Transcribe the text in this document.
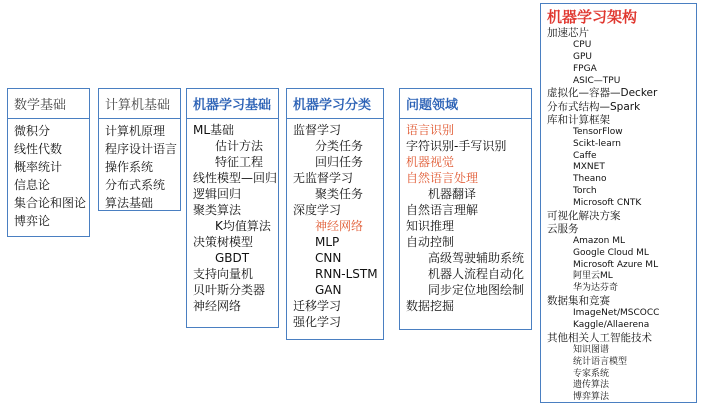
数学基础
微积分
线性代数
概率统计
信息论
集合论和图论
博弈论
计算机基础
计算机原理
程序设计语言
操作系统
分布式系统
算法基础
机器学习基础
ML基础
估计方法
特征工程
线性模型—回归
逻辑回归
聚类算法
K均值算法
决策树模型
GBDT
支持向量机
贝叶斯分类器
神经网络
机器学习分类
监督学习
分类任务
回归任务
无监督学习
聚类任务
深度学习
神经网络
MLP
CNN
RNN-LSTM
GAN
迁移学习
强化学习
问题领域
语言识别
字符识别-手写识别
机器视觉
自然语言处理
机器翻译
自然语言理解
知识推理
自动控制
高级驾驶辅助系统
机器人流程自动化
同步定位地图绘制
数据挖掘
机器学习架构
加速芯片
CPU
GPU
FPGA
ASIC—TPU
虚拟化—容器—Decker
分布式结构—Spark
库和计算框架
TensorFlow
Scikt-learn
Caffe
MXNET
Theano
Torch
Microsoft CNTK
可视化解决方案
云服务
Amazon ML
Google Cloud ML
Microsoft Azure ML
阿里云ML
华为达芬奇
数据集和竞赛
ImageNet/MSCOCC
Kaggle/Allaerena
其他相关人工智能技术
知识图谱
统计语言模型
专家系统
遗传算法
博弈算法
